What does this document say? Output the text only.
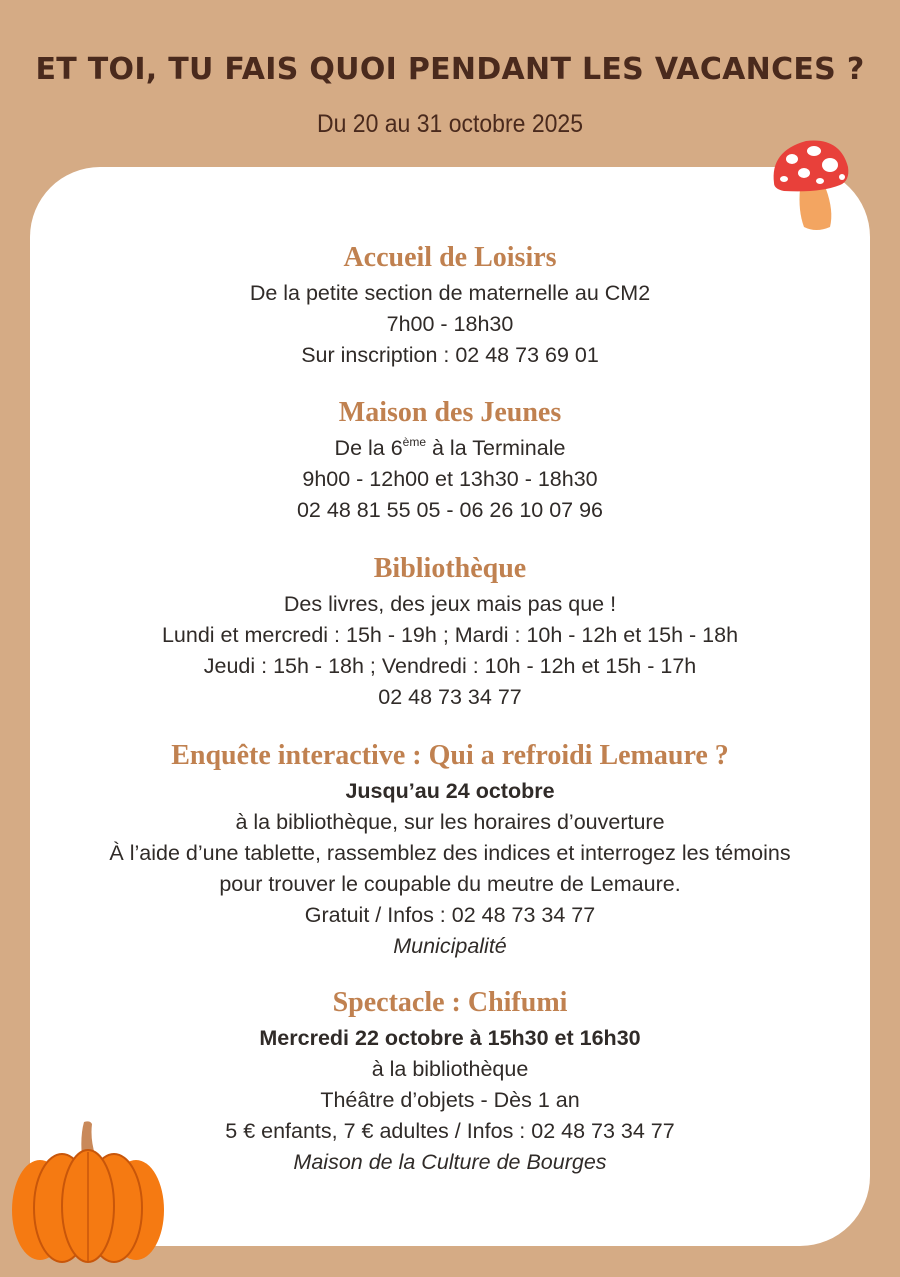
ET TOI, TU FAIS QUOI PENDANT LES VACANCES ?

Du 20 au 31 octobre 2025

Accueil de Loisirs

De la petite section de maternelle au CM2

7h00 - 18h30

Sur inscription : 02 48 73 69 01

Maison des Jeunes

De la 6ème à la Terminale

9h00 - 12h00 et 13h30 - 18h30

02 48 81 55 05 - 06 26 10 07 96

Bibliothèque

Des livres, des jeux mais pas que !

Lundi et mercredi : 15h - 19h ; Mardi : 10h - 12h et 15h - 18h

Jeudi : 15h - 18h ; Vendredi : 10h - 12h et 15h - 17h

02 48 73 34 77

Enquête interactive : Qui a refroidi Lemaure ?

Jusqu’au 24 octobre

à la bibliothèque, sur les horaires d’ouverture

À l’aide d’une tablette, rassemblez des indices et interrogez les témoins

pour trouver le coupable du meutre de Lemaure.

Gratuit / Infos : 02 48 73 34 77

Municipalité

Spectacle : Chifumi

Mercredi 22 octobre à 15h30 et 16h30

à la bibliothèque

Théâtre d’objets - Dès 1 an

5 € enfants, 7 € adultes / Infos : 02 48 73 34 77

Maison de la Culture de Bourges
